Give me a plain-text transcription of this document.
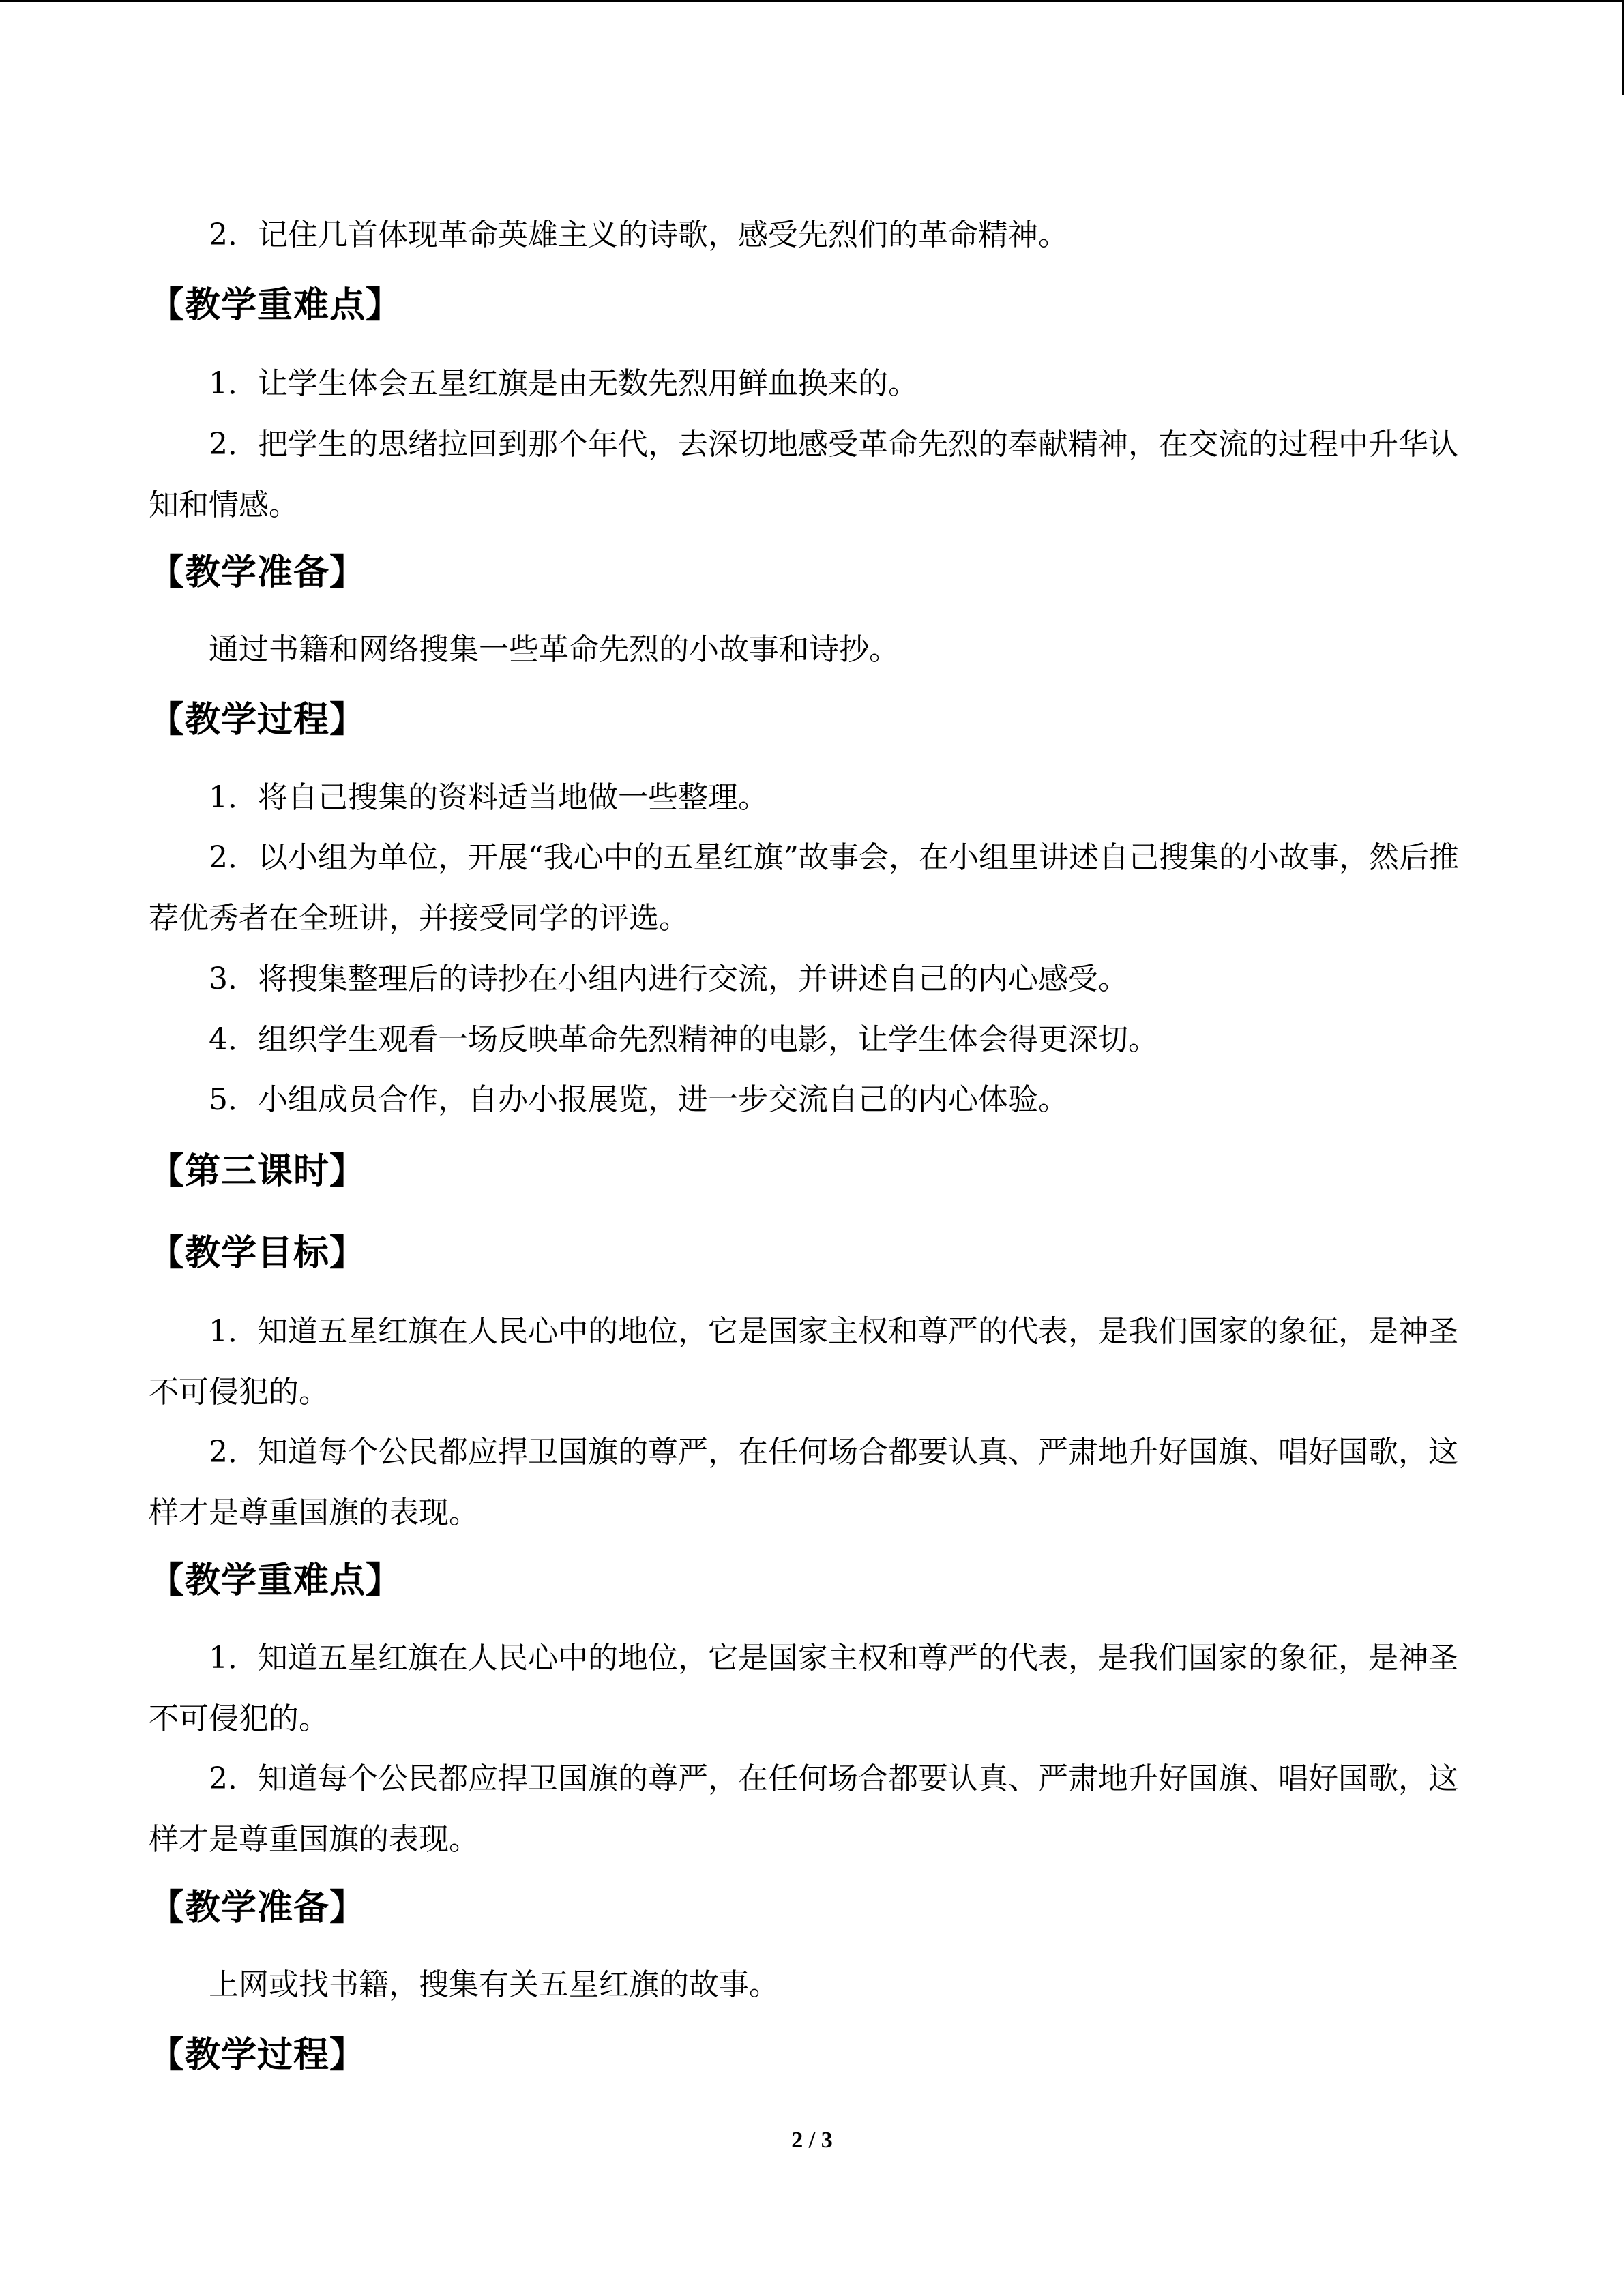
2．记住几首体现革命英雄主义的诗歌，感受先烈们的革命精神。

【教学重难点】

1．让学生体会五星红旗是由无数先烈用鲜血换来的。

2．把学生的思绪拉回到那个年代，去深切地感受革命先烈的奉献精神，在交流的过程中升华认知和情感。

【教学准备】

通过书籍和网络搜集一些革命先烈的小故事和诗抄。

【教学过程】

1．将自己搜集的资料适当地做一些整理。

2．以小组为单位，开展“我心中的五星红旗”故事会，在小组里讲述自己搜集的小故事，然后推荐优秀者在全班讲，并接受同学的评选。

3．将搜集整理后的诗抄在小组内进行交流，并讲述自己的内心感受。

4．组织学生观看一场反映革命先烈精神的电影，让学生体会得更深切。

5．小组成员合作，自办小报展览，进一步交流自己的内心体验。

【第三课时】
【教学目标】

1．知道五星红旗在人民心中的地位，它是国家主权和尊严的代表，是我们国家的象征，是神圣不可侵犯的。

2．知道每个公民都应捍卫国旗的尊严，在任何场合都要认真、严肃地升好国旗、唱好国歌，这样才是尊重国旗的表现。

【教学重难点】

1．知道五星红旗在人民心中的地位，它是国家主权和尊严的代表，是我们国家的象征，是神圣不可侵犯的。

2．知道每个公民都应捍卫国旗的尊严，在任何场合都要认真、严肃地升好国旗、唱好国歌，这样才是尊重国旗的表现。

【教学准备】

上网或找书籍，搜集有关五星红旗的故事。

【教学过程】
2 / 3
